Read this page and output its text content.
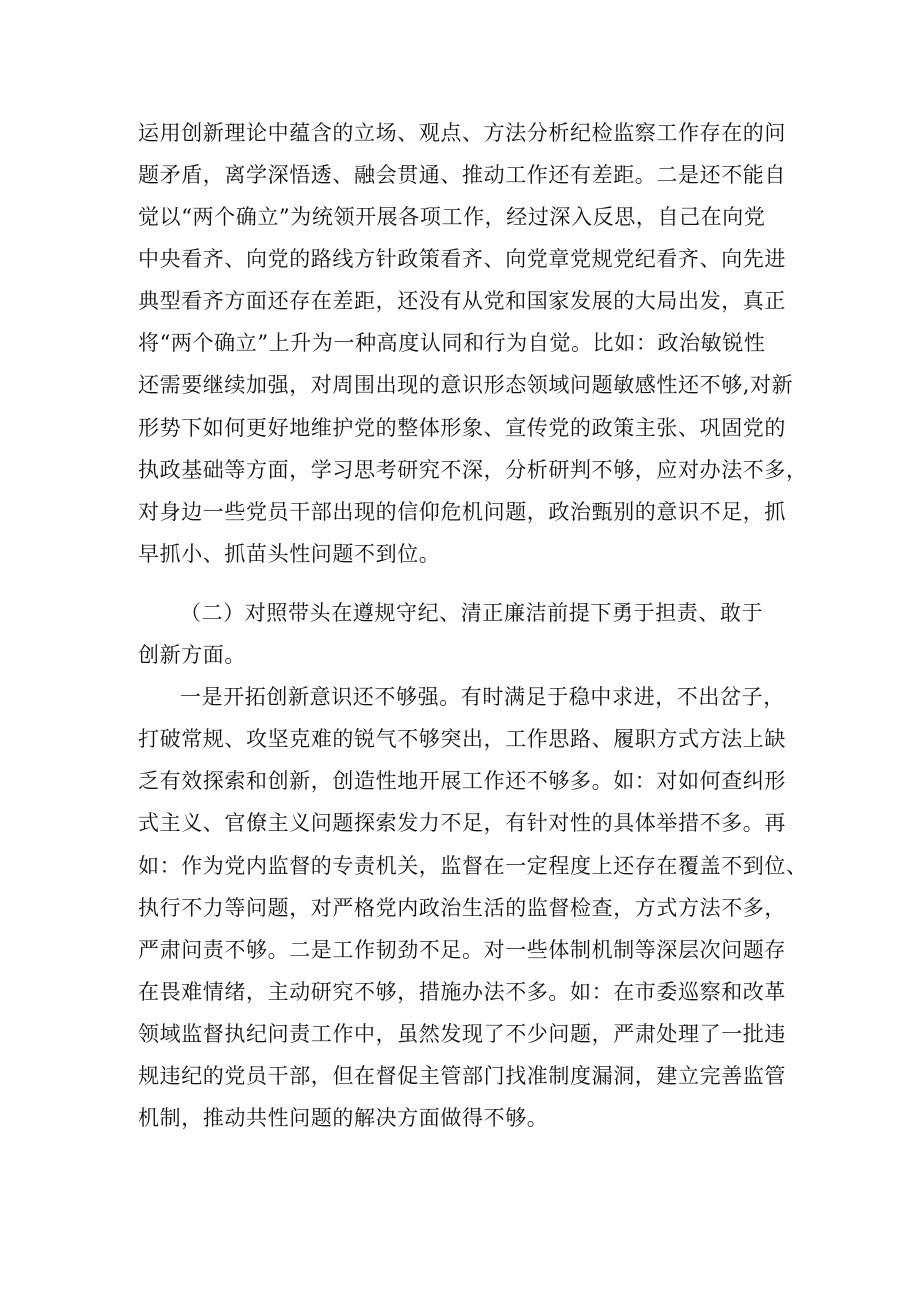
运用创新理论中蕴含的立场、观点、方法分析纪检监察工作存在的问
题矛盾，离学深悟透、融会贯通、推动工作还有差距。二是还不能自
觉以“两个确立”为统领开展各项工作，经过深入反思，自己在向党
中央看齐、向党的路线方针政策看齐、向党章党规党纪看齐、向先进
典型看齐方面还存在差距，还没有从党和国家发展的大局出发，真正
将“两个确立”上升为一种高度认同和行为自觉。比如：政治敏锐性
还需要继续加强，对周围出现的意识形态领域问题敏感性还不够,对新
形势下如何更好地维护党的整体形象、宣传党的政策主张、巩固党的
执政基础等方面，学习思考研究不深，分析研判不够，应对办法不多，
对身边一些党员干部出现的信仰危机问题，政治甄别的意识不足，抓
早抓小、抓苗头性问题不到位。
（二）对照带头在遵规守纪、清正廉洁前提下勇于担责、敢于
创新方面。
一是开拓创新意识还不够强。有时满足于稳中求进，不出岔子，
打破常规、攻坚克难的锐气不够突出，工作思路、履职方式方法上缺
乏有效探索和创新，创造性地开展工作还不够多。如：对如何查纠形
式主义、官僚主义问题探索发力不足，有针对性的具体举措不多。再
如：作为党内监督的专责机关，监督在一定程度上还存在覆盖不到位、
执行不力等问题，对严格党内政治生活的监督检查，方式方法不多，
严肃问责不够。二是工作韧劲不足。对一些体制机制等深层次问题存
在畏难情绪，主动研究不够，措施办法不多。如：在市委巡察和改革
领域监督执纪问责工作中，虽然发现了不少问题，严肃处理了一批违
规违纪的党员干部，但在督促主管部门找准制度漏洞，建立完善监管
机制，推动共性问题的解决方面做得不够。
